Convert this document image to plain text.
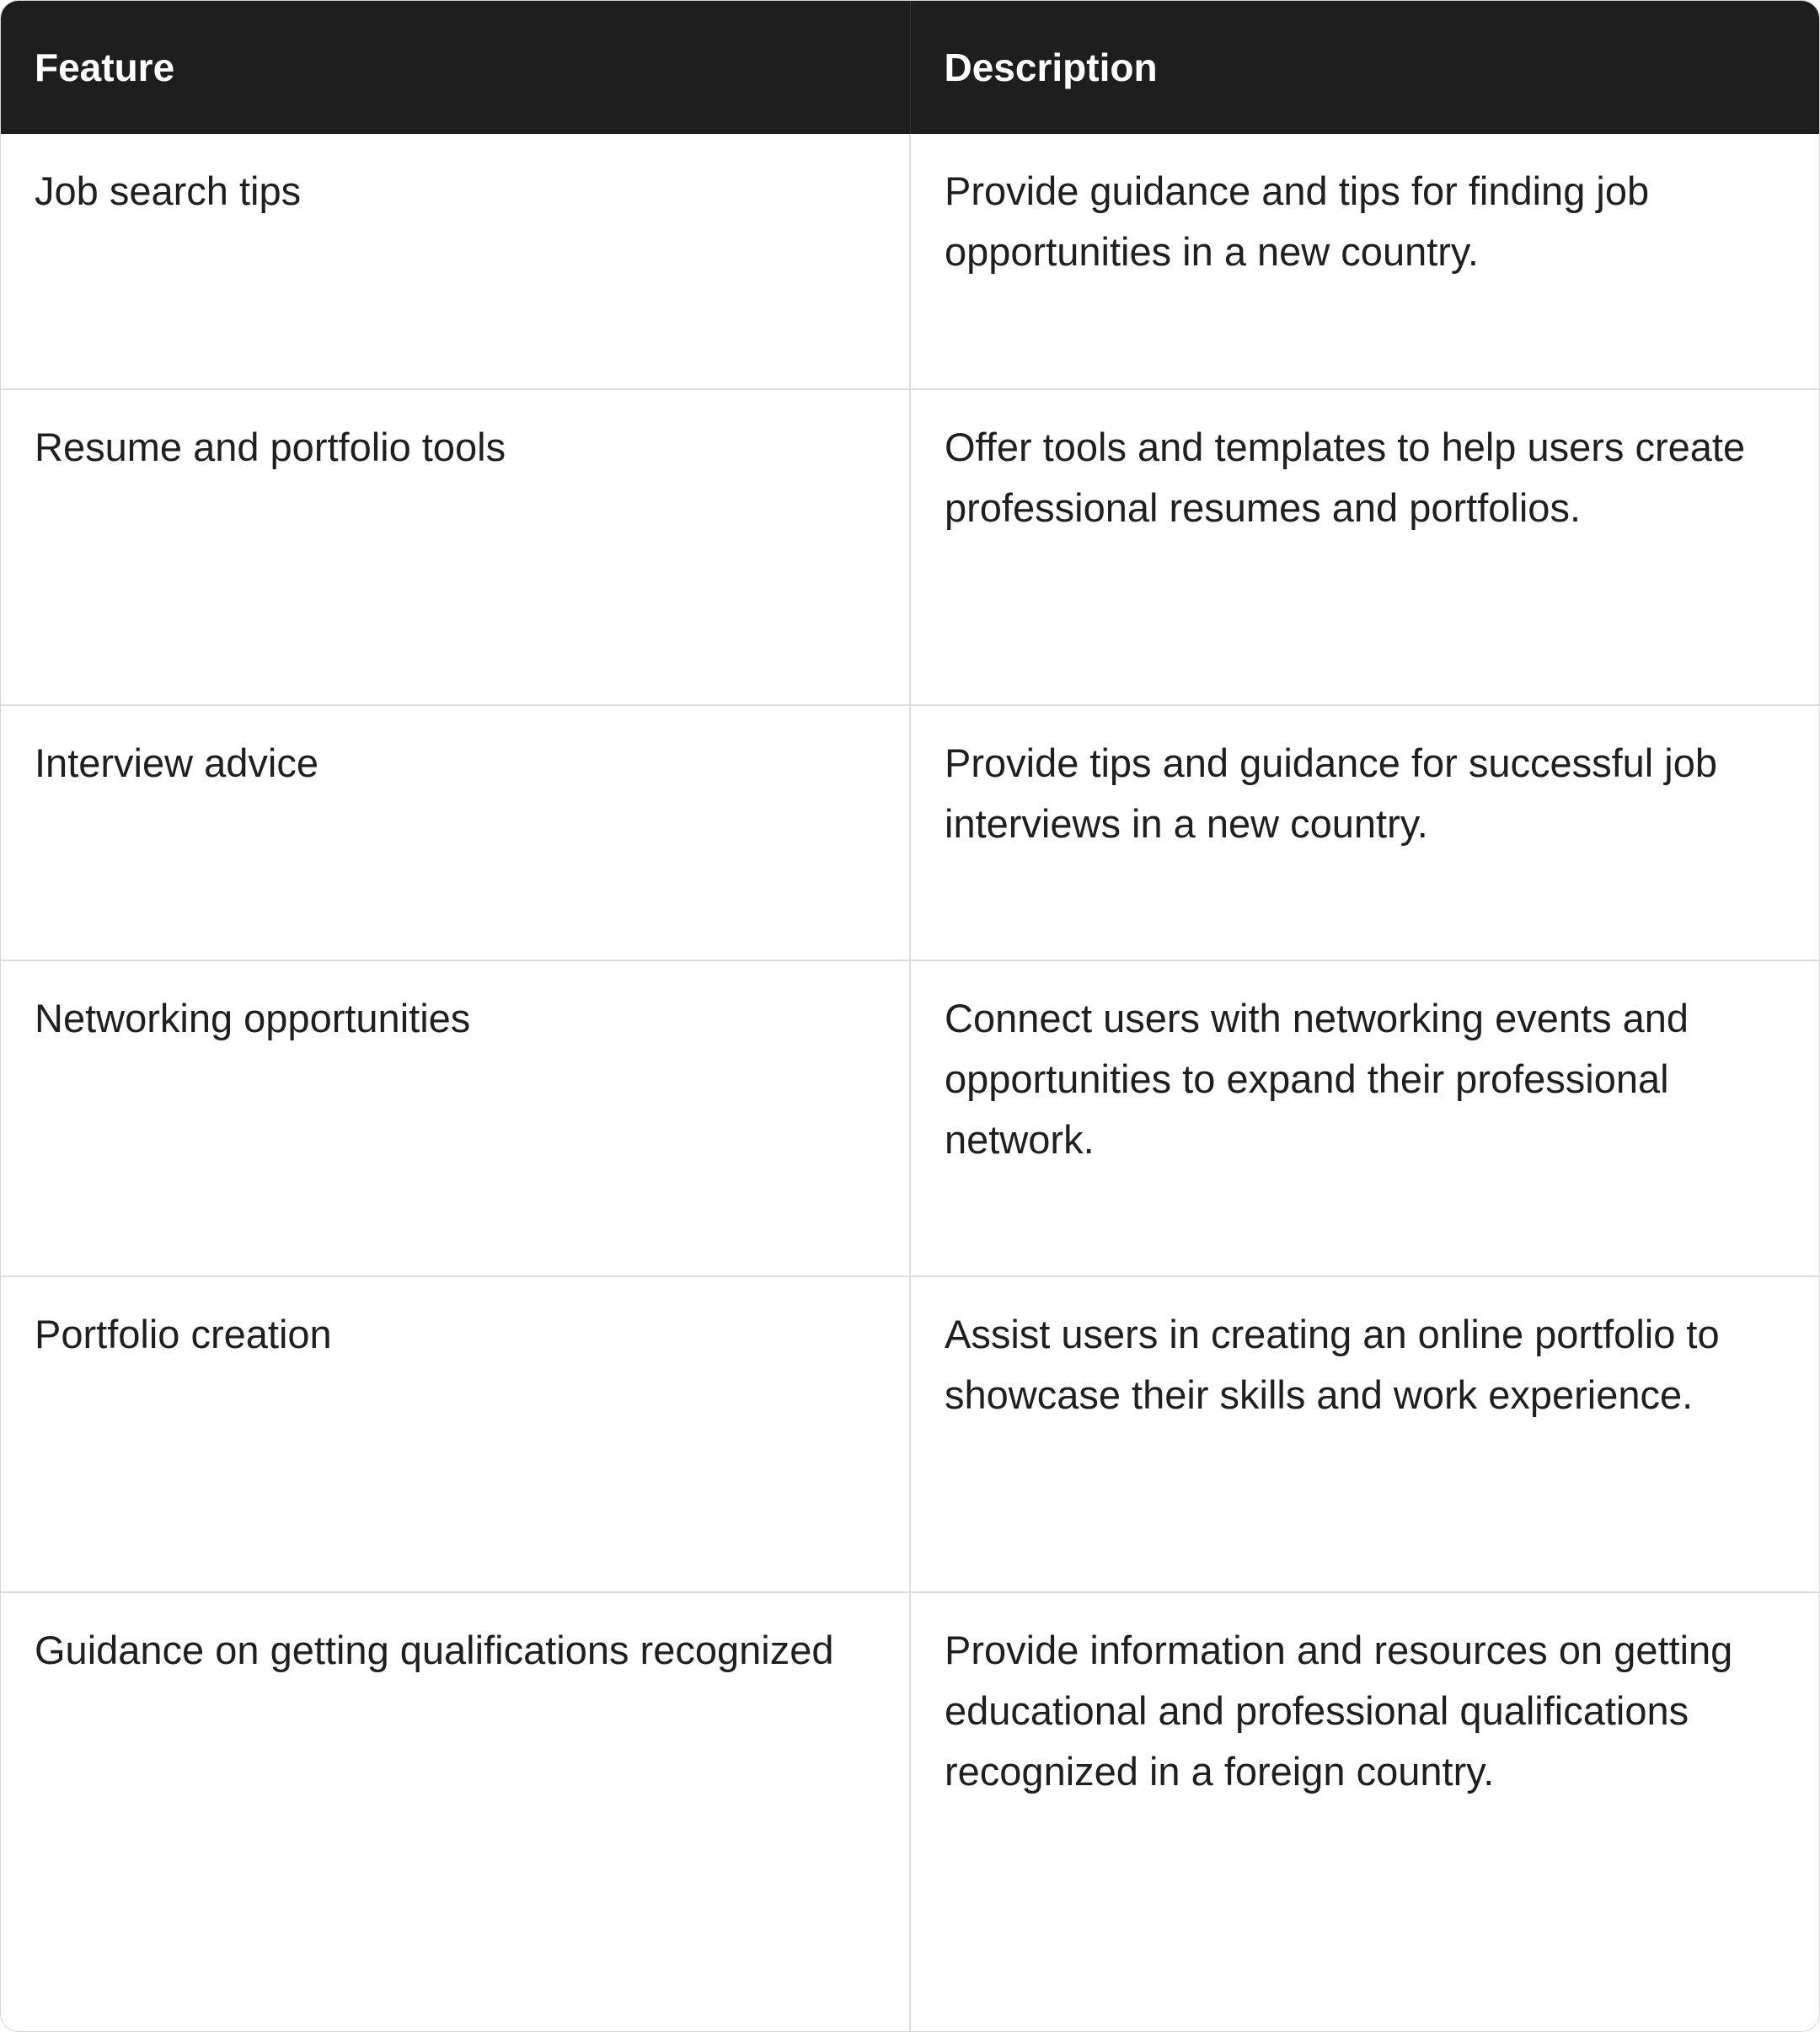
Feature	Description
Job search tips	Provide guidance and tips for finding job opportunities in a new country.
Resume and portfolio tools	Offer tools and templates to help users create professional resumes and portfolios.
Interview advice	Provide tips and guidance for successful job interviews in a new country.
Networking opportunities	Connect users with networking events and opportunities to expand their professional network.
Portfolio creation	Assist users in creating an online portfolio to showcase their skills and work experience.
Guidance on getting qualifications recognized	Provide information and resources on getting educational and professional qualifications recognized in a foreign country.
